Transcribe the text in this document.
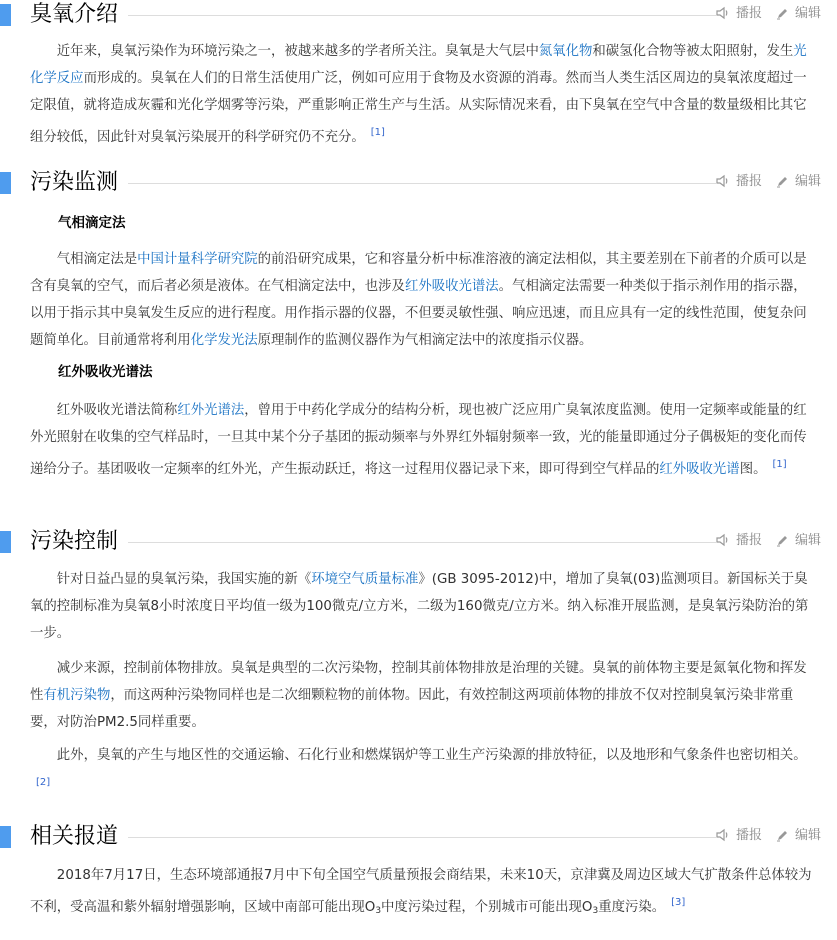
臭氧介绍	播报	编辑

近年来，臭氧污染作为环境污染之一，被越来越多的学者所关注。臭氧是大气层中氮氧化物和碳氢化合物等被太阳照射，发生光化学反应而形成的。臭氧在人们的日常生活使用广泛，例如可应用于食物及水资源的消毒。然而当人类生活区周边的臭氧浓度超过一定限值，就将造成灰霾和光化学烟雾等污染，严重影响正常生产与生活。从实际情况来看，由下臭氧在空气中含量的数量级相比其它组分较低，因此针对臭氧污染展开的科学研究仍不充分。 [1]

污染监测	播报	编辑
气相滴定法

气相滴定法是中国计量科学研究院的前沿研究成果，它和容量分析中标准溶液的滴定法相似，其主要差别在下前者的介质可以是含有臭氧的空气，而后者必须是液体。在气相滴定法中，也涉及红外吸收光谱法。气相滴定法需要一种类似于指示剂作用的指示器，以用于指示其中臭氧发生反应的进行程度。用作指示器的仪器，不但要灵敏性强、响应迅速，而且应具有一定的线性范围，使复杂问题简单化。目前通常将利用化学发光法原理制作的监测仪器作为气相滴定法中的浓度指示仪器。

红外吸收光谱法

红外吸收光谱法简称红外光谱法，曾用于中药化学成分的结构分析，现也被广泛应用广臭氧浓度监测。使用一定频率或能量的红外光照射在收集的空气样品时，一旦其中某个分子基团的振动频率与外界红外辐射频率一致，光的能量即通过分子偶极矩的变化而传递给分子。基团吸收一定频率的红外光，产生振动跃迁，将这一过程用仪器记录下来，即可得到空气样品的红外吸收光谱图。 [1]

污染控制	播报	编辑

针对日益凸显的臭氧污染，我国实施的新《环境空气质量标准》(GB 3095-2012)中，增加了臭氧(03)监测项目。新国标关于臭氧的控制标准为臭氧8小时浓度日平均值一级为100微克/立方米，二级为160微克/立方米。纳入标准开展监测，是臭氧污染防治的第一步。

减少来源，控制前体物排放。臭氧是典型的二次污染物，控制其前体物排放是治理的关键。臭氧的前体物主要是氮氧化物和挥发性有机污染物，而这两种污染物同样也是二次细颗粒物的前体物。因此，有效控制这两项前体物的排放不仅对控制臭氧污染非常重要，对防治PM2.5同样重要。

此外，臭氧的产生与地区性的交通运输、石化行业和燃煤锅炉等工业生产污染源的排放特征，以及地形和气象条件也密切相关。[2]

相关报道	播报	编辑

2018年7月17日，生态环境部通报7月中下旬全国空气质量预报会商结果，未来10天，京津冀及周边区域大气扩散条件总体较为不利，受高温和紫外辐射增强影响，区域中南部可能出现$O_3$中度污染过程，个别城市可能出现$O_3$重度污染。 [3]
